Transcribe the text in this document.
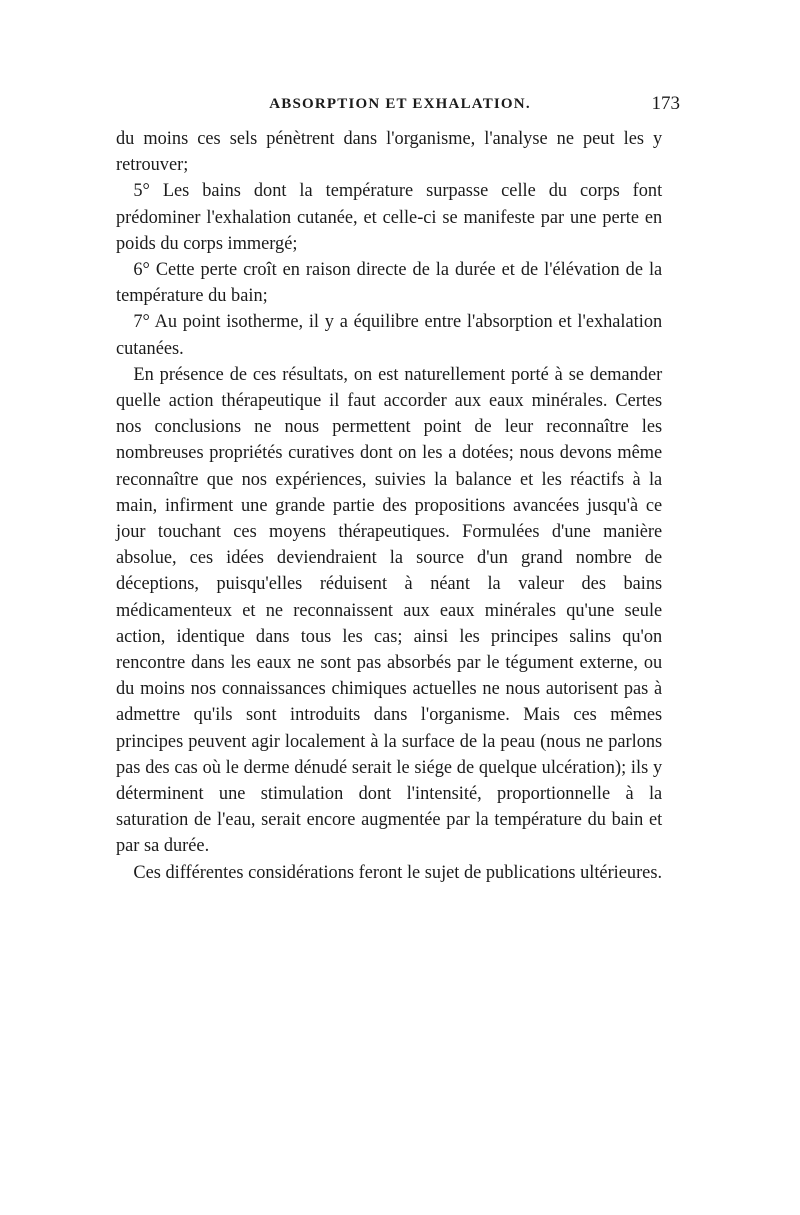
ABSORPTION ET EXHALATION.	173

du moins ces sels pénètrent dans l'organisme, l'analyse ne peut les y retrouver;

5° Les bains dont la température surpasse celle du corps font prédominer l'exhalation cutanée, et celle-ci se manifeste par une perte en poids du corps immergé;

6° Cette perte croît en raison directe de la durée et de l'élévation de la température du bain;

7° Au point isotherme, il y a équilibre entre l'absorption et l'exhalation cutanées.

En présence de ces résultats, on est naturellement porté à se demander quelle action thérapeutique il faut accorder aux eaux minérales. Certes nos conclusions ne nous permettent point de leur reconnaître les nombreuses propriétés curatives dont on les a dotées; nous devons même reconnaître que nos expériences, suivies la balance et les réactifs à la main, infirment une grande partie des propositions avancées jusqu'à ce jour touchant ces moyens thérapeutiques. Formulées d'une manière absolue, ces idées deviendraient la source d'un grand nombre de déceptions, puisqu'elles réduisent à néant la valeur des bains médicamenteux et ne reconnaissent aux eaux minérales qu'une seule action, identique dans tous les cas; ainsi les principes salins qu'on rencontre dans les eaux ne sont pas absorbés par le tégument externe, ou du moins nos connaissances chimiques actuelles ne nous autorisent pas à admettre qu'ils sont introduits dans l'organisme. Mais ces mêmes principes peuvent agir localement à la surface de la peau (nous ne parlons pas des cas où le derme dénudé serait le siége de quelque ulcération); ils y déterminent une stimulation dont l'intensité, proportionnelle à la saturation de l'eau, serait encore augmentée par la température du bain et par sa durée.

Ces différentes considérations feront le sujet de publications ultérieures.
